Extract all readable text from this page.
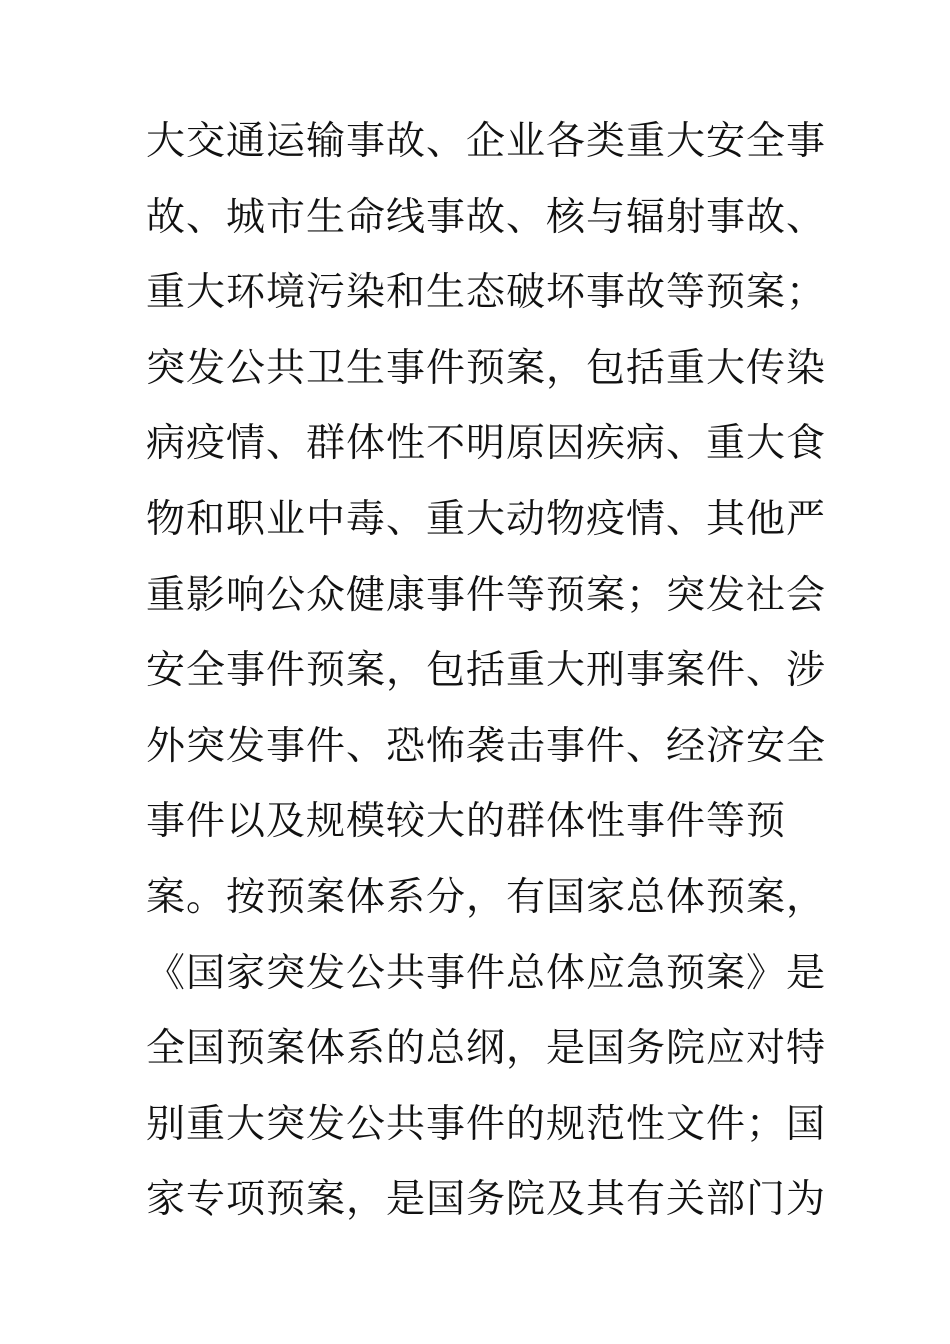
大交通运输事故、企业各类重大安全事
故、城市生命线事故、核与辐射事故、
重大环境污染和生态破坏事故等预案；
突发公共卫生事件预案，包括重大传染
病疫情、群体性不明原因疾病、重大食
物和职业中毒、重大动物疫情、其他严
重影响公众健康事件等预案；突发社会
安全事件预案，包括重大刑事案件、涉
外突发事件、恐怖袭击事件、经济安全
事件以及规模较大的群体性事件等预
案。按预案体系分，有国家总体预案，
《国家突发公共事件总体应急预案》是
全国预案体系的总纲，是国务院应对特
别重大突发公共事件的规范性文件；国
家专项预案，是国务院及其有关部门为
